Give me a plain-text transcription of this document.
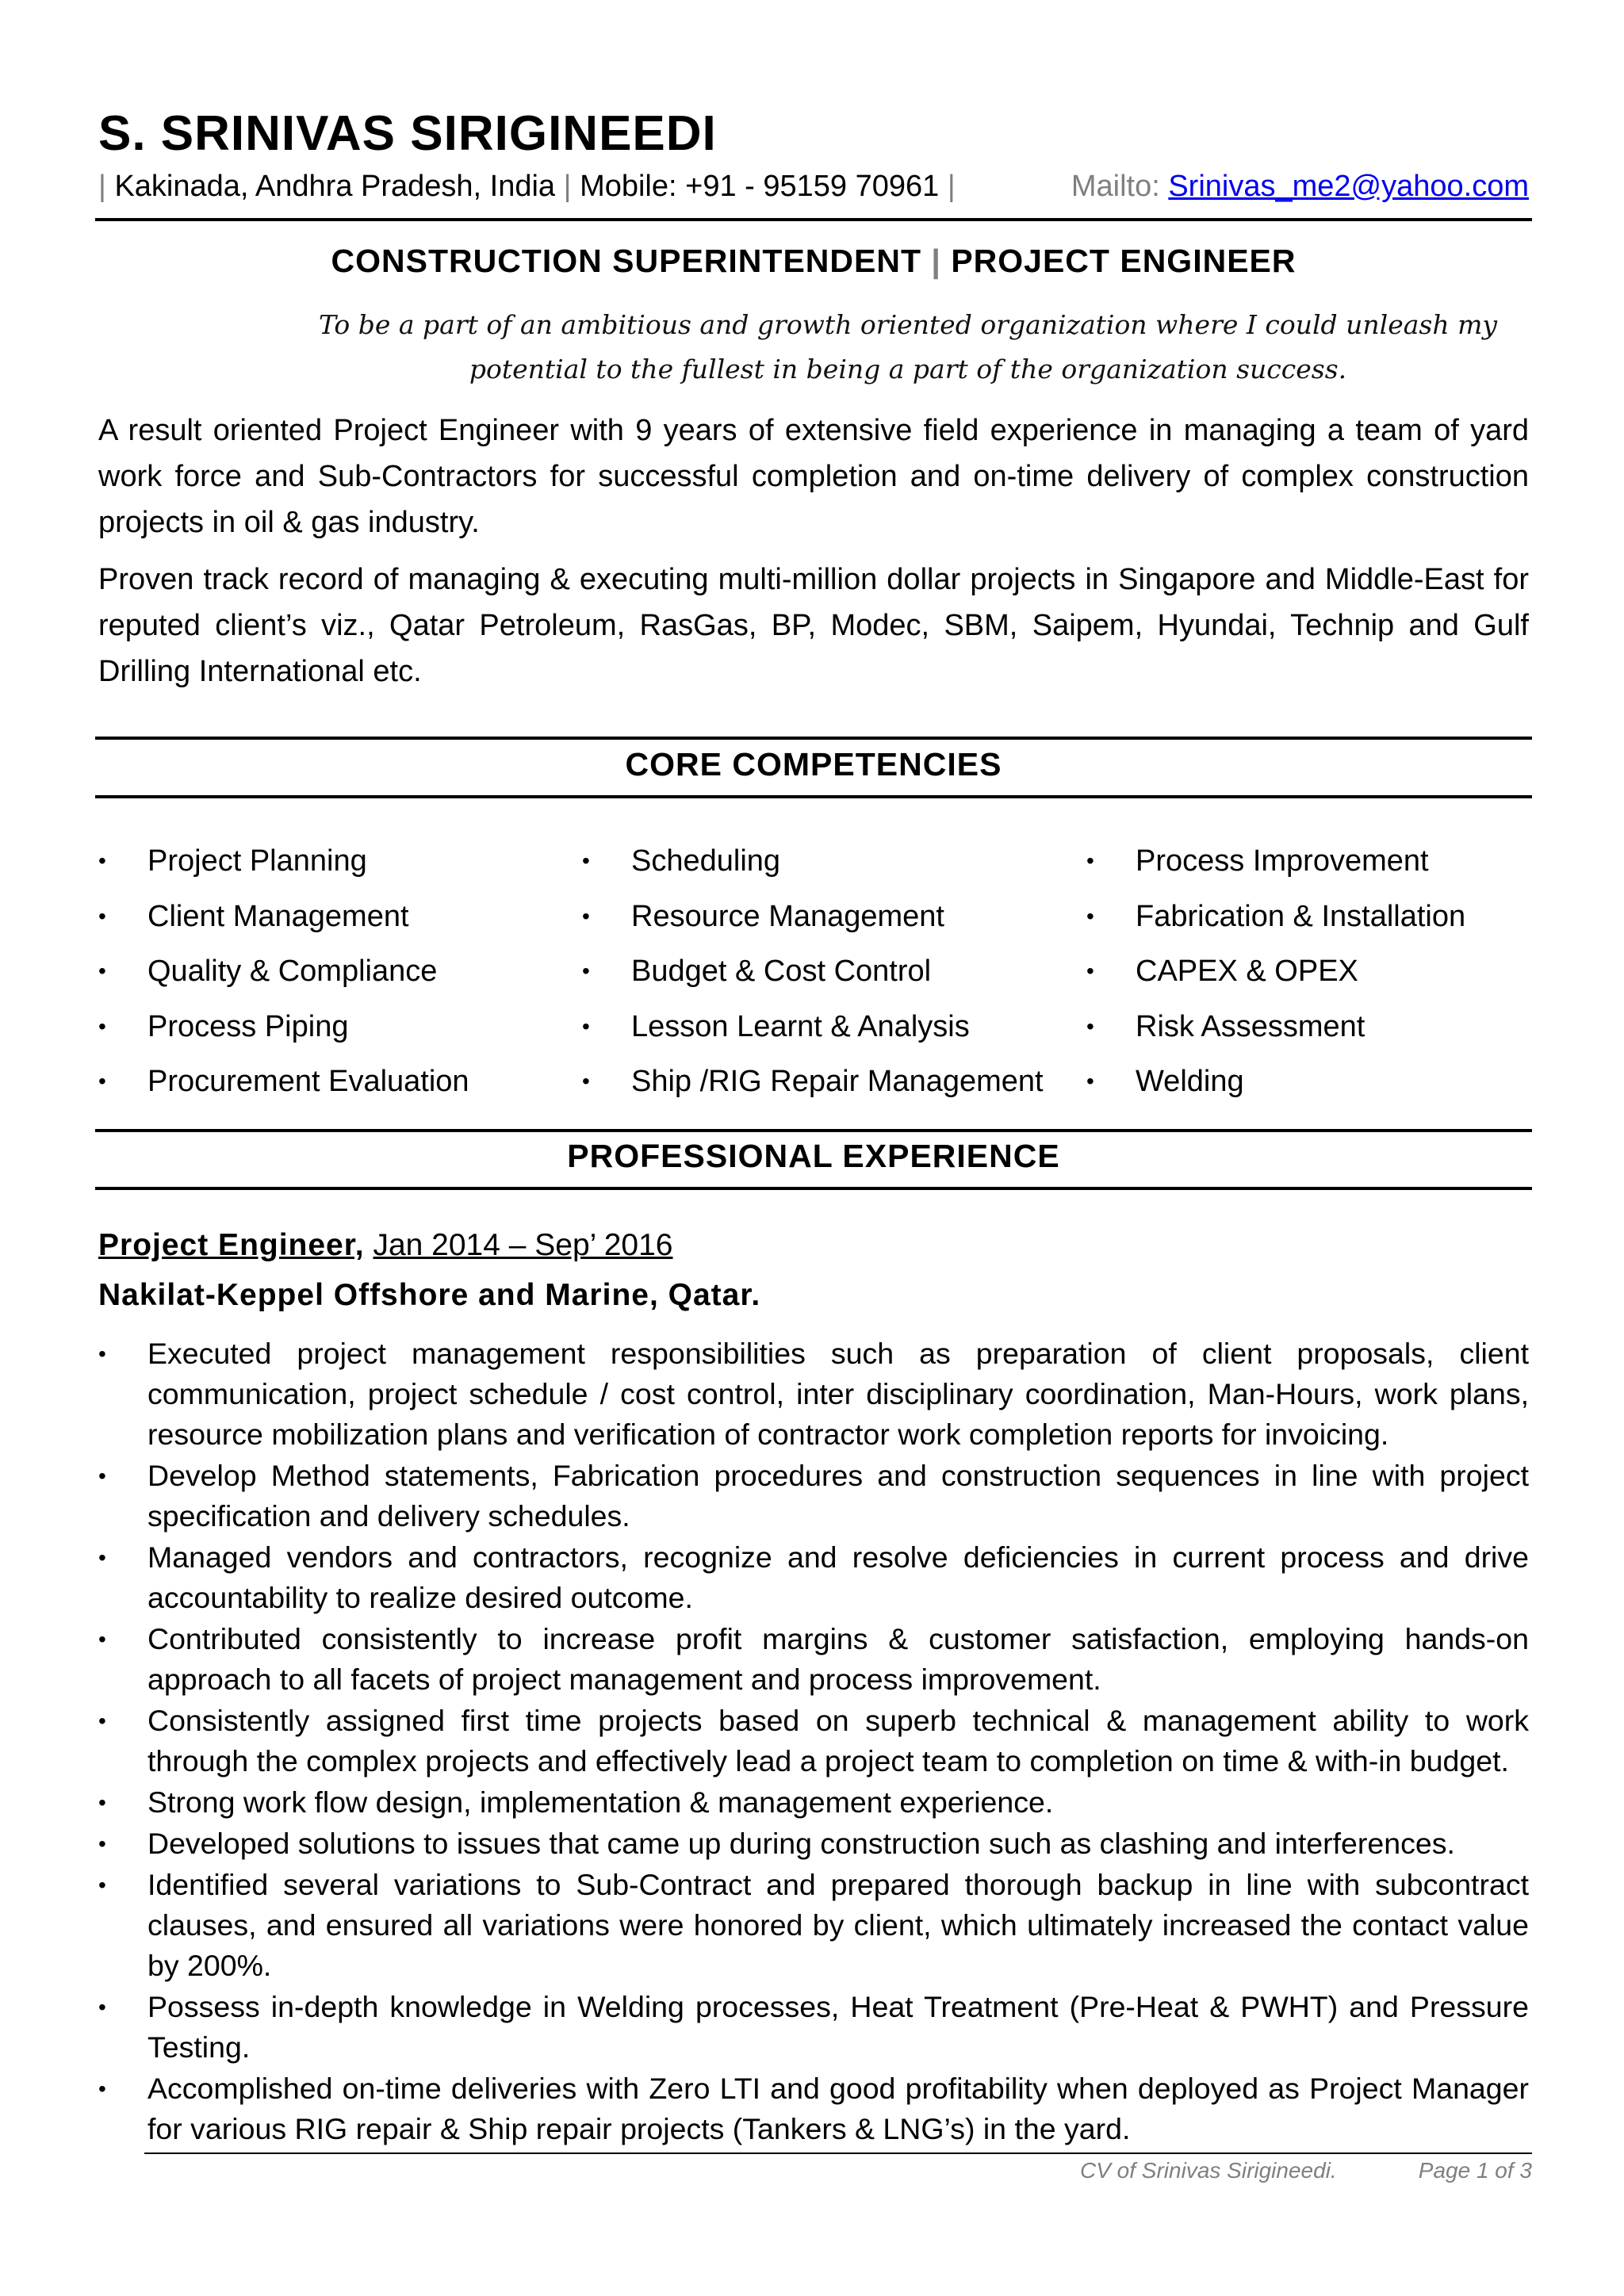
S. SRINIVAS SIRIGINEEDI
| Kakinada, Andhra Pradesh, India | Mobile: +91 - 95159 70961 |	Mailto: Srinivas_me2@yahoo.com
CONSTRUCTION SUPERINTENDENT | PROJECT ENGINEER
To be a part of an ambitious and growth oriented organization where I could unleash my potential to the fullest in being a part of the organization success.

A result oriented Project Engineer with 9 years of extensive field experience in managing a team of yard work force and Sub-Contractors for successful completion and on-time delivery of complex construction projects in oil & gas industry.

Proven track record of managing & executing multi-million dollar projects in Singapore and Middle-East for reputed client’s viz., Qatar Petroleum, RasGas, BP, Modec, SBM, Saipem, Hyundai, Technip and Gulf Drilling International etc.

CORE COMPETENCIES
• Project Planning	• Scheduling	• Process Improvement
• Client Management	• Resource Management	• Fabrication & Installation
• Quality & Compliance	• Budget & Cost Control	• CAPEX & OPEX
• Process Piping	• Lesson Learnt & Analysis	• Risk Assessment
• Procurement Evaluation	• Ship /RIG Repair Management • Welding
PROFESSIONAL EXPERIENCE
Project Engineer, Jan 2014 – Sep’ 2016
Nakilat-Keppel Offshore and Marine, Qatar.
• Executed project management responsibilities such as preparation of client proposals, client communication, project schedule / cost control, inter disciplinary coordination, Man-Hours, work plans, resource mobilization plans and verification of contractor work completion reports for invoicing.
• Develop Method statements, Fabrication procedures and construction sequences in line with project specification and delivery schedules.
• Managed vendors and contractors, recognize and resolve deficiencies in current process and drive accountability to realize desired outcome.
• Contributed consistently to increase profit margins & customer satisfaction, employing hands-on approach to all facets of project management and process improvement.
• Consistently assigned first time projects based on superb technical & management ability to work through the complex projects and effectively lead a project team to completion on time & with-in budget.
• Strong work flow design, implementation & management experience.
• Developed solutions to issues that came up during construction such as clashing and interferences.
• Identified several variations to Sub-Contract and prepared thorough backup in line with subcontract clauses, and ensured all variations were honored by client, which ultimately increased the contact value by 200%.
• Possess in-depth knowledge in Welding processes, Heat Treatment (Pre-Heat & PWHT) and Pressure Testing.
• Accomplished on-time deliveries with Zero LTI and good profitability when deployed as Project Manager for various RIG repair & Ship repair projects (Tankers & LNG’s) in the yard.
CV of Srinivas Sirigineedi.	Page 1 of 3
